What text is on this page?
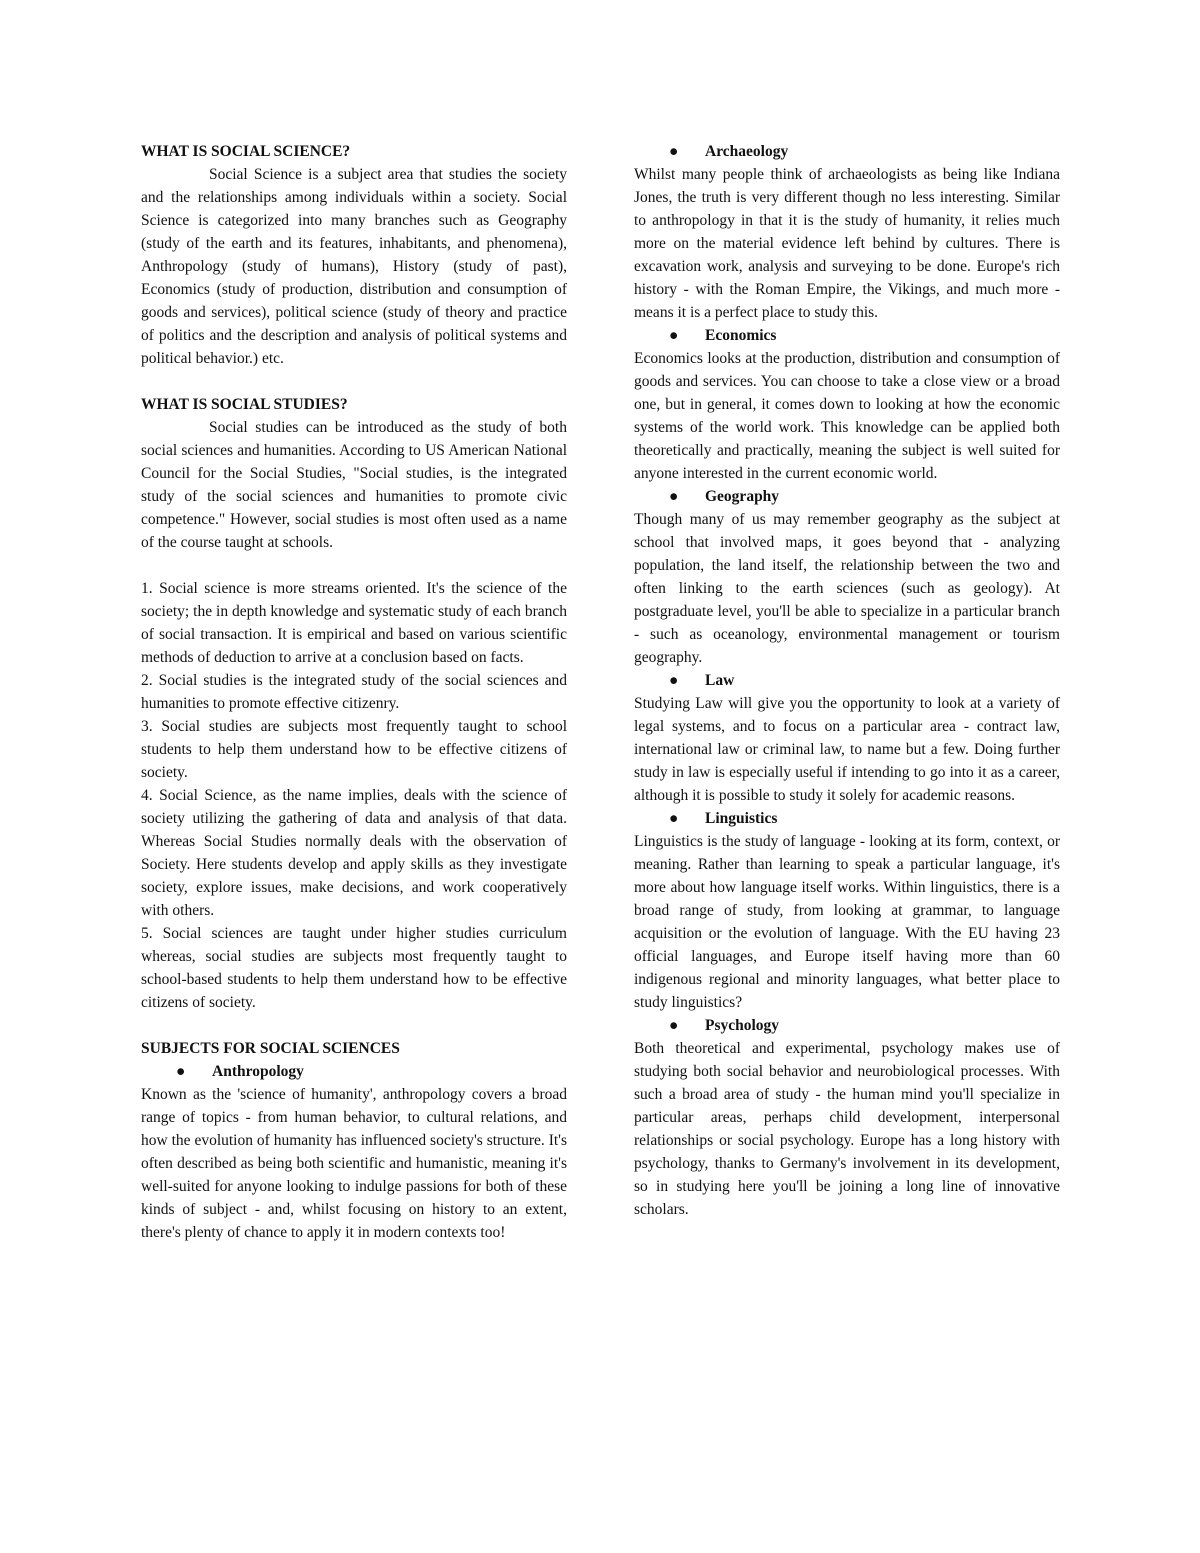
WHAT IS SOCIAL SCIENCE?

Social Science is a subject area that studies the society and the relationships among individuals within a society. Social Science is categorized into many branches such as Geography (study of the earth and its features, inhabitants, and phenomena), Anthropology (study of humans), History (study of past), Economics (study of production, distribution and consumption of goods and services), political science (study of theory and practice of politics and the description and analysis of political systems and political behavior.) etc.

WHAT IS SOCIAL STUDIES?

Social studies can be introduced as the study of both social sciences and humanities. According to US American National Council for the Social Studies, "Social studies, is the integrated study of the social sciences and humanities to promote civic competence." However, social studies is most often used as a name of the course taught at schools.

1. Social science is more streams oriented. It's the science of the society; the in depth knowledge and systematic study of each branch of social transaction. It is empirical and based on various scientific methods of deduction to arrive at a conclusion based on facts.

2. Social studies is the integrated study of the social sciences and humanities to promote effective citizenry.

3. Social studies are subjects most frequently taught to school students to help them understand how to be effective citizens of society.

4. Social Science, as the name implies, deals with the science of society utilizing the gathering of data and analysis of that data. Whereas Social Studies normally deals with the observation of Society. Here students develop and apply skills as they investigate society, explore issues, make decisions, and work cooperatively with others.

5. Social sciences are taught under higher studies curriculum whereas, social studies are subjects most frequently taught to school-based students to help them understand how to be effective citizens of society.

SUBJECTS FOR SOCIAL SCIENCES

● Anthropology

Known as the 'science of humanity', anthropology covers a broad range of topics - from human behavior, to cultural relations, and how the evolution of humanity has influenced society's structure. It's often described as being both scientific and humanistic, meaning it's well-suited for anyone looking to indulge passions for both of these kinds of subject - and, whilst focusing on history to an extent, there's plenty of chance to apply it in modern contexts too!

● Archaeology

Whilst many people think of archaeologists as being like Indiana Jones, the truth is very different though no less interesting. Similar to anthropology in that it is the study of humanity, it relies much more on the material evidence left behind by cultures. There is excavation work, analysis and surveying to be done. Europe's rich history - with the Roman Empire, the Vikings, and much more - means it is a perfect place to study this.

● Economics

Economics looks at the production, distribution and consumption of goods and services. You can choose to take a close view or a broad one, but in general, it comes down to looking at how the economic systems of the world work. This knowledge can be applied both theoretically and practically, meaning the subject is well suited for anyone interested in the current economic world.

● Geography

Though many of us may remember geography as the subject at school that involved maps, it goes beyond that - analyzing population, the land itself, the relationship between the two and often linking to the earth sciences (such as geology). At postgraduate level, you'll be able to specialize in a particular branch - such as oceanology, environmental management or tourism geography.

● Law

Studying Law will give you the opportunity to look at a variety of legal systems, and to focus on a particular area - contract law, international law or criminal law, to name but a few. Doing further study in law is especially useful if intending to go into it as a career, although it is possible to study it solely for academic reasons.

● Linguistics

Linguistics is the study of language - looking at its form, context, or meaning. Rather than learning to speak a particular language, it's more about how language itself works. Within linguistics, there is a broad range of study, from looking at grammar, to language acquisition or the evolution of language. With the EU having 23 official languages, and Europe itself having more than 60 indigenous regional and minority languages, what better place to study linguistics?

● Psychology

Both theoretical and experimental, psychology makes use of studying both social behavior and neurobiological processes. With such a broad area of study - the human mind you'll specialize in particular areas, perhaps child development, interpersonal relationships or social psychology. Europe has a long history with psychology, thanks to Germany's involvement in its development, so in studying here you'll be joining a long line of innovative scholars.
